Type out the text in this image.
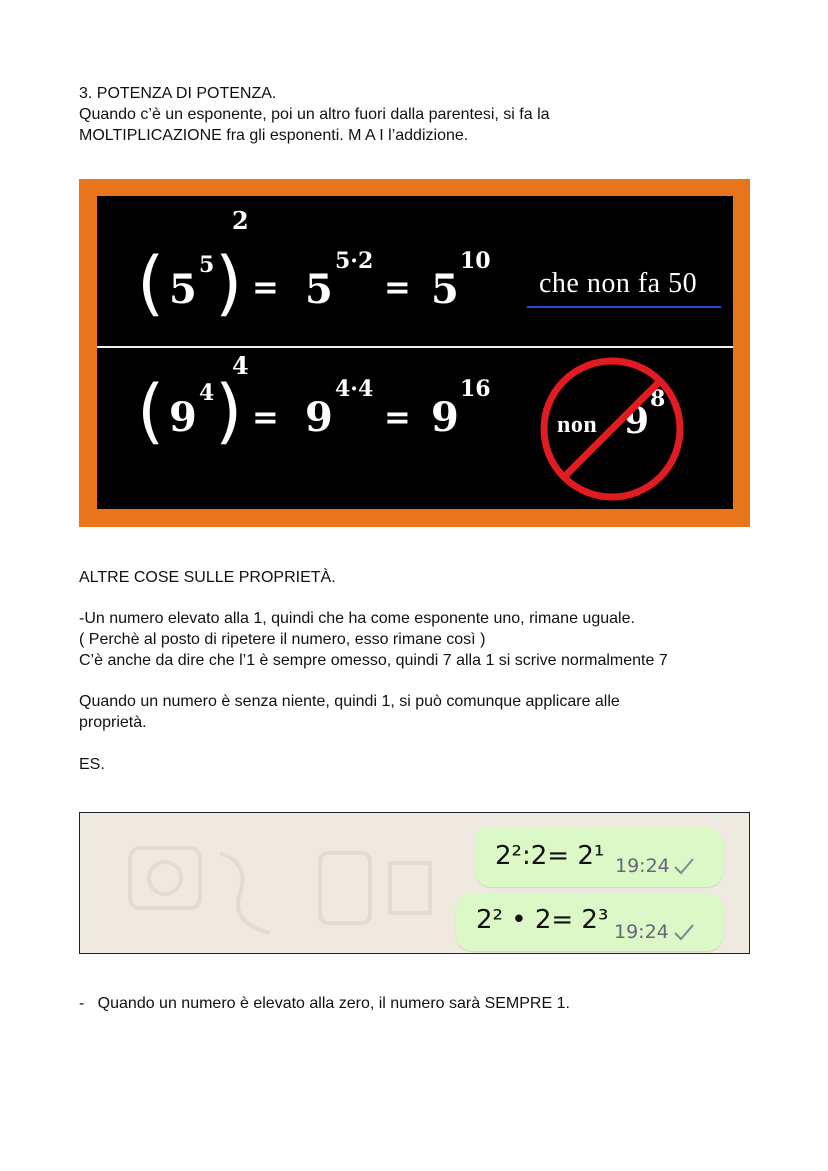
3. POTENZA DI POTENZA.
Quando c’è un esponente, poi un altro fuori dalla parentesi, si fa la
MOLTIPLICAZIONE fra gli esponenti. M A I l’addizione.

( 5
5 )
2
= 5
5·2
= 5
10
che non fa 50
( 9
4 )
4
= 9
4·4
= 9
16
non 9
8

ALTRE COSE SULLE PROPRIETÀ.

-Un numero elevato alla 1, quindi che ha come esponente uno, rimane uguale.
( Perchè al posto di ripetere il numero, esso rimane così )
C’è anche da dire che l’1 è sempre omesso, quindi 7 alla 1 si scrive normalmente 7

Quando un numero è senza niente, quindi 1, si può comunque applicare alle
proprietà.

ES.

2²:2= 2¹ 19:24
2² • 2= 2³ 19:24

- Quando un numero è elevato alla zero, il numero sarà SEMPRE 1.
